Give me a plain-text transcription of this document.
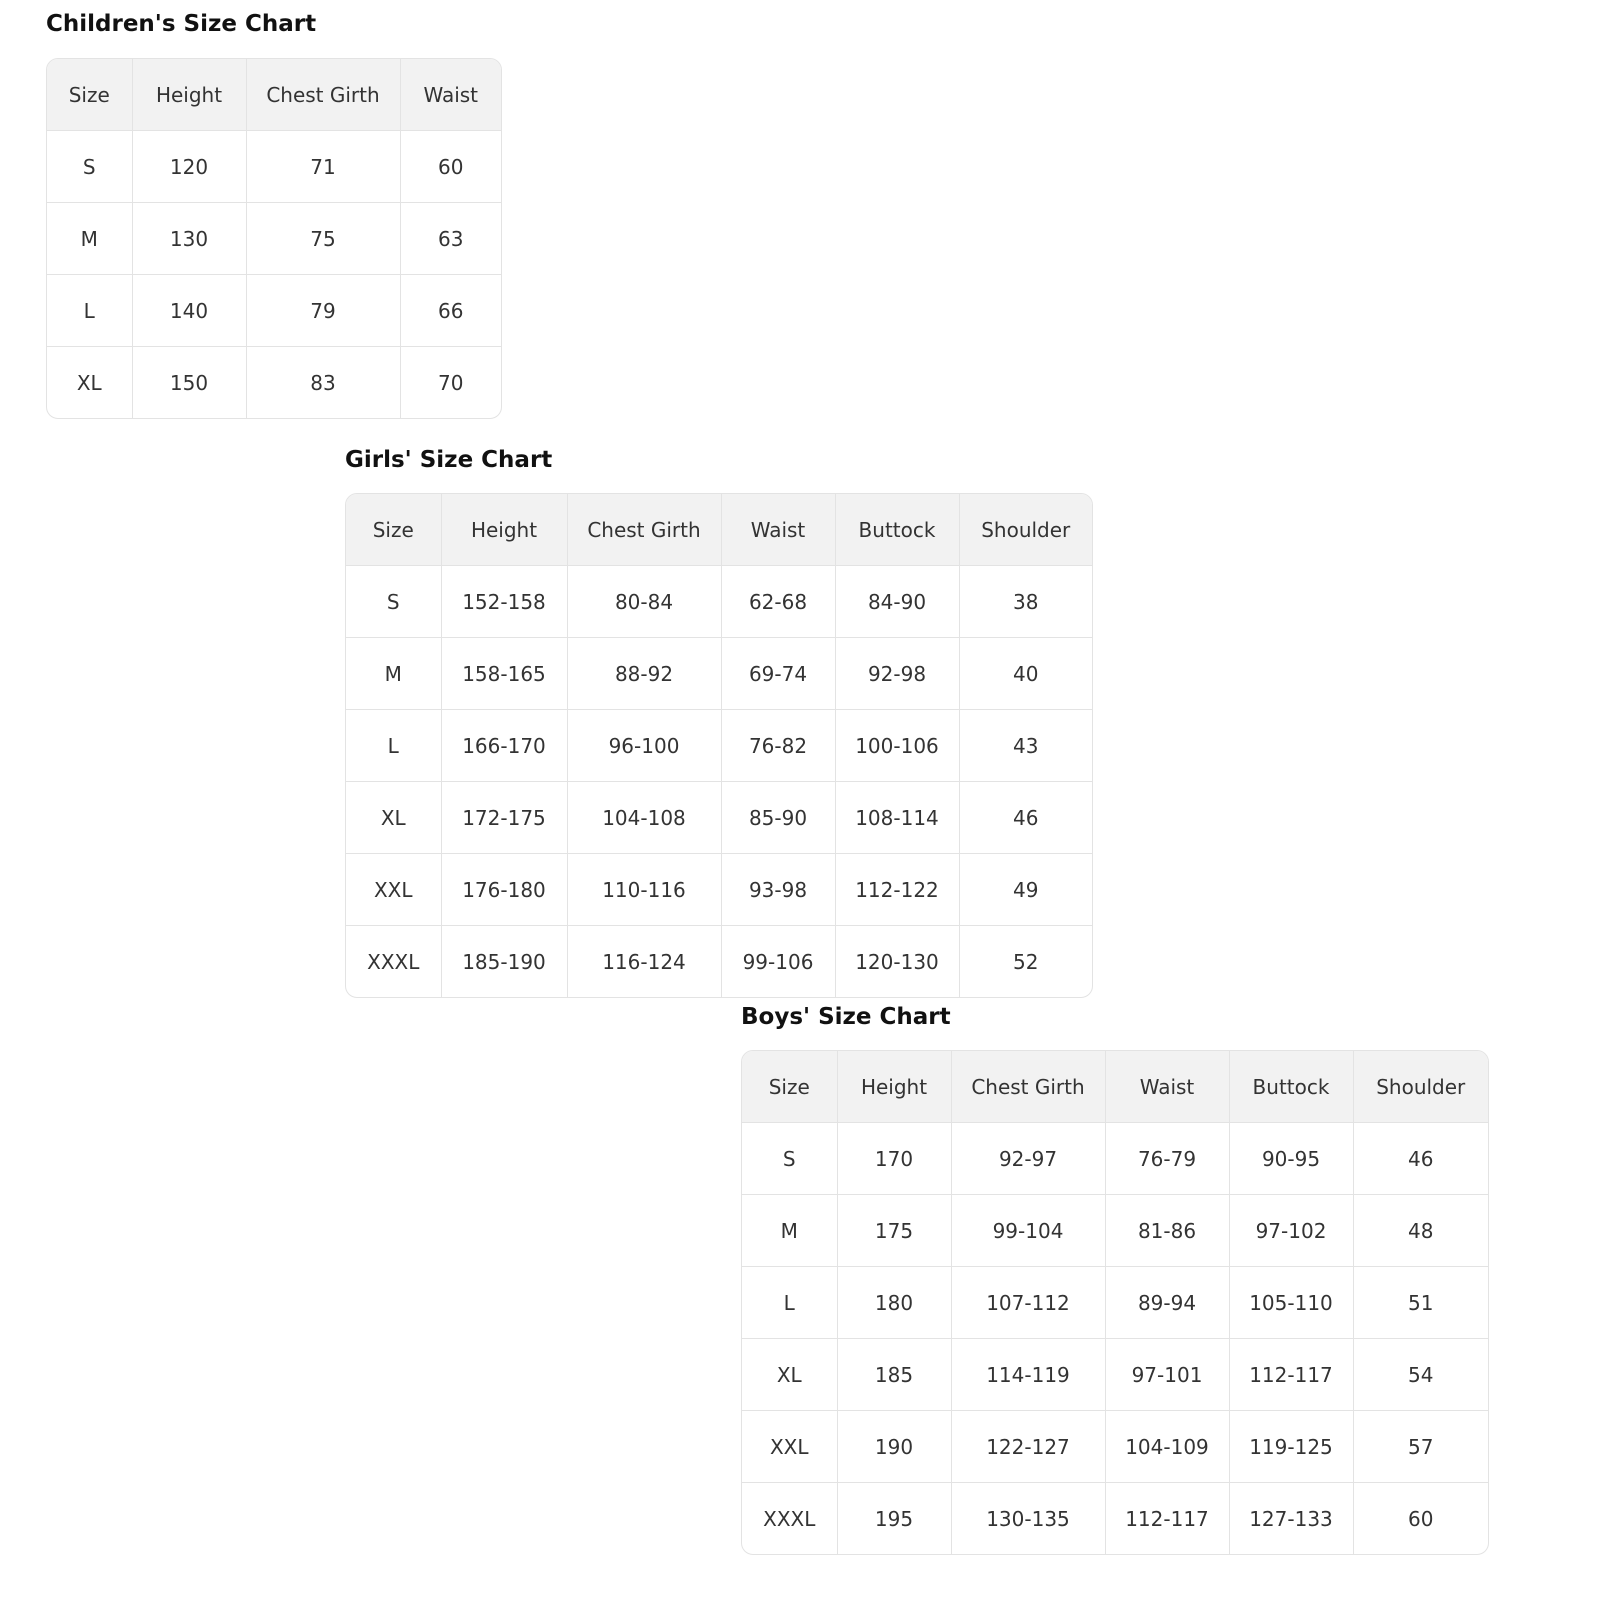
Children's Size Chart
Size	Height	Chest Girth	Waist
S	120	71	60
M	130	75	63
L	140	79	66
XL	150	83	70
Girls' Size Chart
Size	Height	Chest Girth	Waist	Buttock	Shoulder
S	152-158	80-84	62-68	84-90	38
M	158-165	88-92	69-74	92-98	40
L	166-170	96-100	76-82	100-106	43
XL	172-175	104-108	85-90	108-114	46
XXL	176-180	110-116	93-98	112-122	49
XXXL	185-190	116-124	99-106	120-130	52
Boys' Size Chart
Size	Height	Chest Girth	Waist	Buttock	Shoulder
S	170	92-97	76-79	90-95	46
M	175	99-104	81-86	97-102	48
L	180	107-112	89-94	105-110	51
XL	185	114-119	97-101	112-117	54
XXL	190	122-127	104-109	119-125	57
XXXL	195	130-135	112-117	127-133	60
